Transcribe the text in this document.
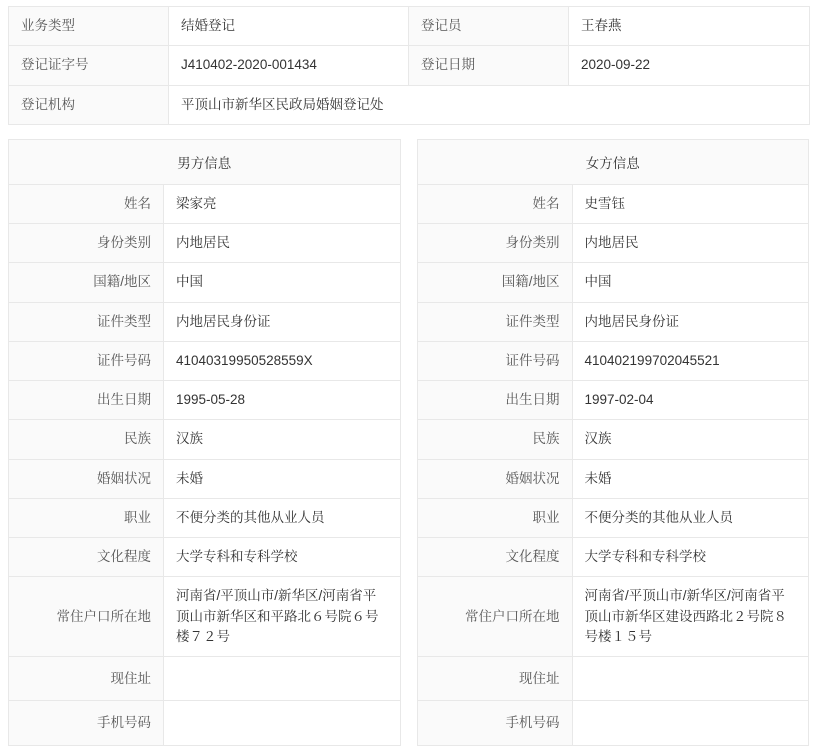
业务类型	结婚登记	登记员	王春燕
登记证字号	J410402-2020-001434	登记日期	2020-09-22
登记机构	平顶山市新华区民政局婚姻登记处		
男方信息
姓名	梁家亮
身份类别	内地居民
国籍/地区	中国
证件类型	内地居民身份证
证件号码	41040319950528559X
出生日期	1995-05-28
民族	汉族
婚姻状况	未婚
职业	不便分类的其他从业人员
文化程度	大学专科和专科学校
常住户口所在地	河南省/平顶山市/新华区/河南省平顶山市新华区和平路北６号院６号楼７２号
现住址	
手机号码	
女方信息
姓名	史雪钰
身份类别	内地居民
国籍/地区	中国
证件类型	内地居民身份证
证件号码	410402199702045521
出生日期	1997-02-04
民族	汉族
婚姻状况	未婚
职业	不便分类的其他从业人员
文化程度	大学专科和专科学校
常住户口所在地	河南省/平顶山市/新华区/河南省平顶山市新华区建设西路北２号院８号楼１５号
现住址	
手机号码	
